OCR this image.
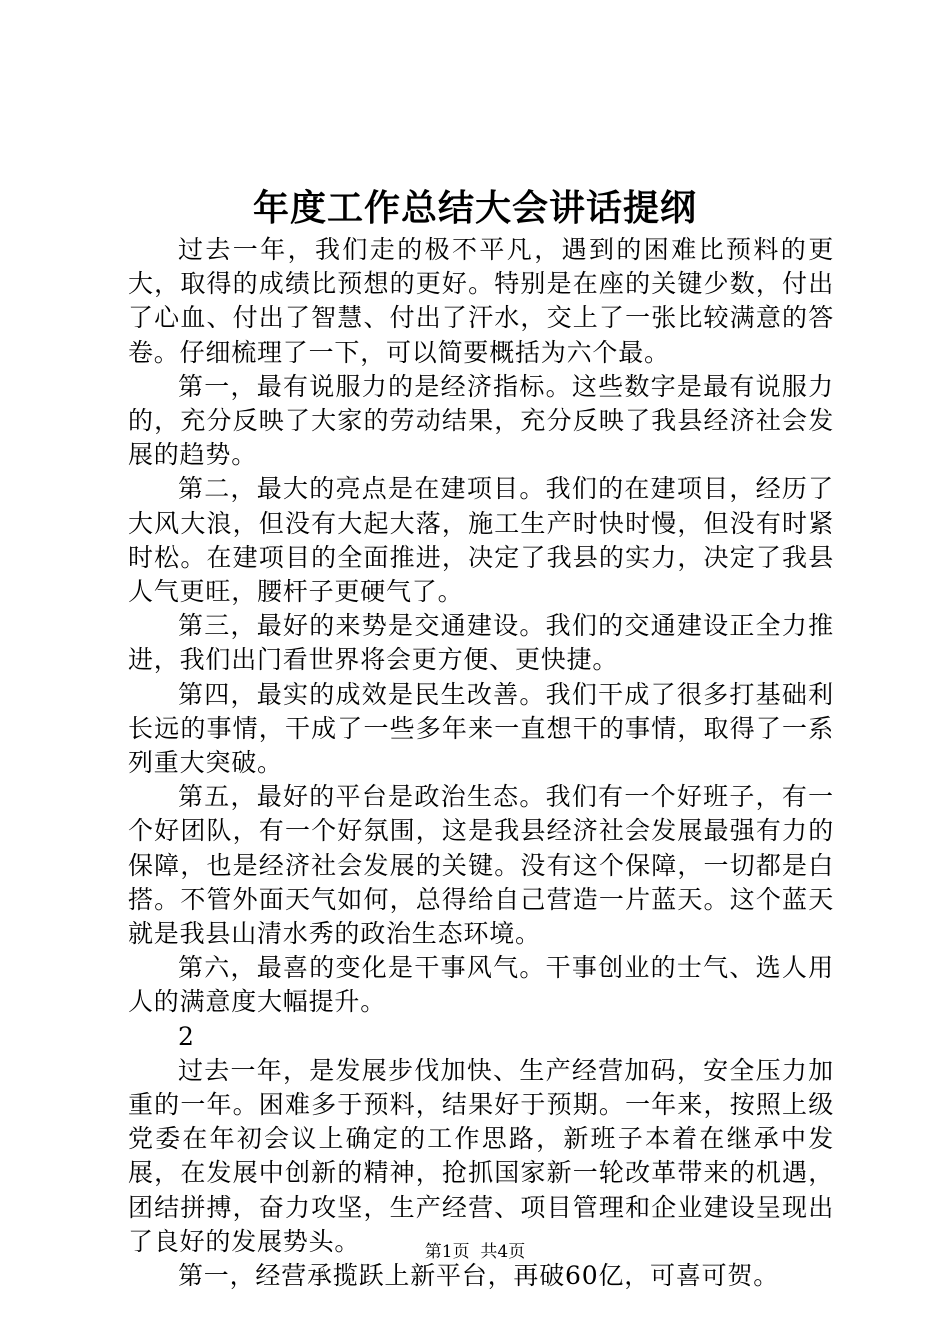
年度工作总结大会讲话提纲

过去一年，我们走的极不平凡，遇到的困难比预料的更大，取得的成绩比预想的更好。特别是在座的关键少数，付出了心血、付出了智慧、付出了汗水，交上了一张比较满意的答卷。仔细梳理了一下，可以简要概括为六个最。

第一，最有说服力的是经济指标。这些数字是最有说服力的，充分反映了大家的劳动结果，充分反映了我县经济社会发展的趋势。

第二，最大的亮点是在建项目。我们的在建项目，经历了大风大浪，但没有大起大落，施工生产时快时慢，但没有时紧时松。在建项目的全面推进，决定了我县的实力，决定了我县人气更旺，腰杆子更硬气了。

第三，最好的来势是交通建设。我们的交通建设正全力推进，我们出门看世界将会更方便、更快捷。

第四，最实的成效是民生改善。我们干成了很多打基础利长远的事情，干成了一些多年来一直想干的事情，取得了一系列重大突破。

第五，最好的平台是政治生态。我们有一个好班子，有一个好团队，有一个好氛围，这是我县经济社会发展最强有力的保障，也是经济社会发展的关键。没有这个保障，一切都是白搭。不管外面天气如何，总得给自己营造一片蓝天。这个蓝天就是我县山清水秀的政治生态环境。

第六，最喜的变化是干事风气。干事创业的士气、选人用人的满意度大幅提升。

2

过去一年，是发展步伐加快、生产经营加码，安全压力加重的一年。困难多于预料，结果好于预期。一年来，按照上级党委在年初会议上确定的工作思路，新班子本着在继承中发展，在发展中创新的精神，抢抓国家新一轮改革带来的机遇，团结拼搏，奋力攻坚，生产经营、项目管理和企业建设呈现出了良好的发展势头。

第一，经营承揽跃上新平台，再破60亿，可喜可贺。

第1页 共4页
